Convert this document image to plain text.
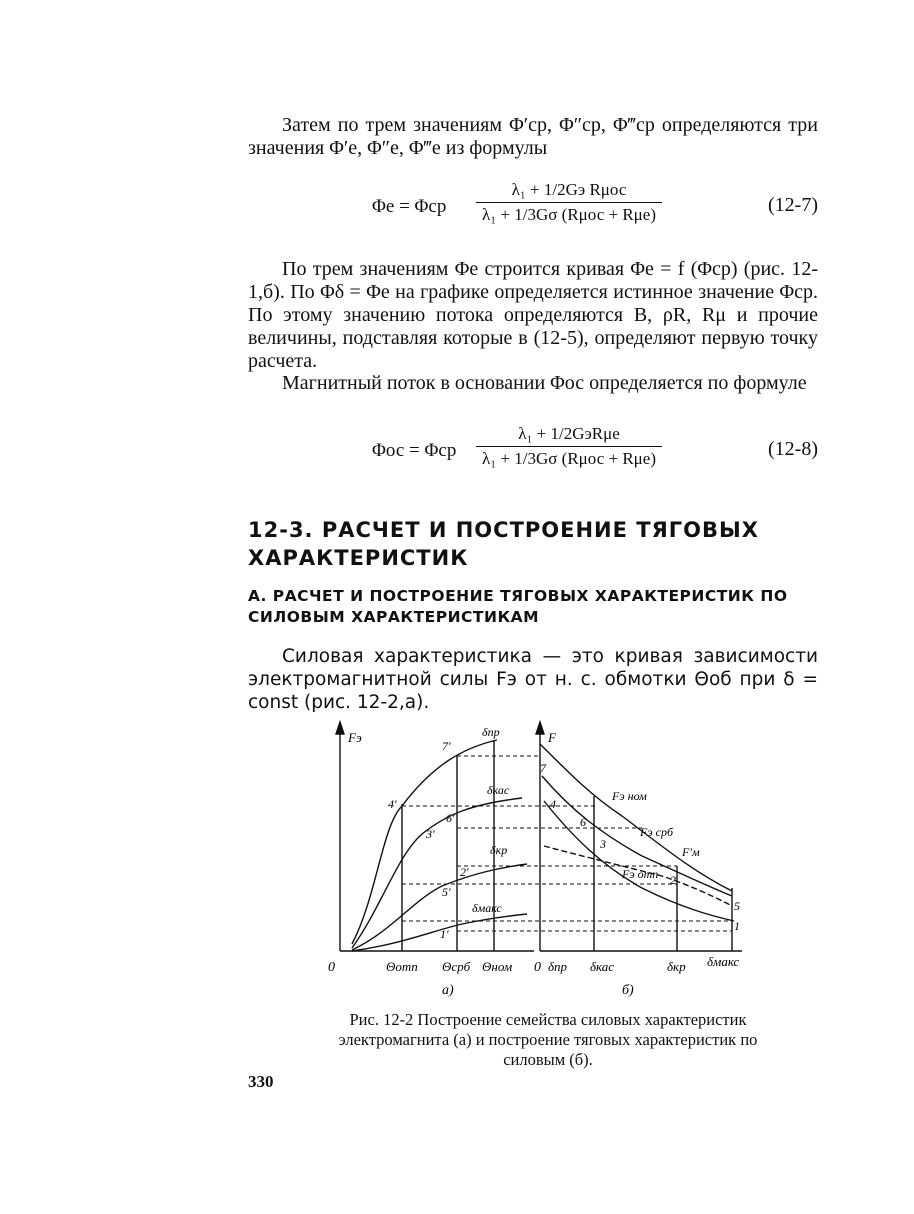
Затем по трем значениям Φ′ср, Φ″ср, Φ‴ср определяются три значения Φ′e, Φ″e, Φ‴e из формулы

Φe = Φср
λ₁ + 1/2Gэ Rμос
λ₁ + 1/3Gσ (Rμос + Rμe)	(12-7)

По трем значениям Φe строится кривая Φe = f (Φср) (рис. 12-1,б). По Φδ = Φe на графике определяется истинное значение Φср. По этому значению потока определяются B, ρR, Rμ и прочие величины, подставляя которые в (12-5), определяют первую точку расчета.

Магнитный поток в основании Φос определяется по формуле

Φос = Φср
λ₁ + 1/2GэRμe
λ₁ + 1/3Gσ (Rμос + Rμe)	(12-8)
12-3. РАСЧЕТ И ПОСТРОЕНИЕ ТЯГОВЫХ ХАРАКТЕРИСТИК
А. РАСЧЕТ И ПОСТРОЕНИЕ ТЯГОВЫХ ХАРАКТЕРИСТИК ПО СИЛОВЫМ ХАРАКТЕРИСТИКАМ

Силовая характеристика — это кривая зависимости электромагнитной силы Fэ от н. с. обмотки Θоб при δ = const (рис. 12-2,а).

Fэ
0	Θотп Θсрб Θном
а)
δпр
δкас
δкр
δмакс
7′
4′
6′
3′
2′
5′
1′
F
0 δпр δкас	δкр δмакс
б)
Fэ ном
Fэ срб
F′м
Fэ отп
7
4
6
3
2
5
1

Рис. 12-2 Построение семейства силовых характеристик электромагнита (а) и построение тяговых характеристик по силовым (б).

330
